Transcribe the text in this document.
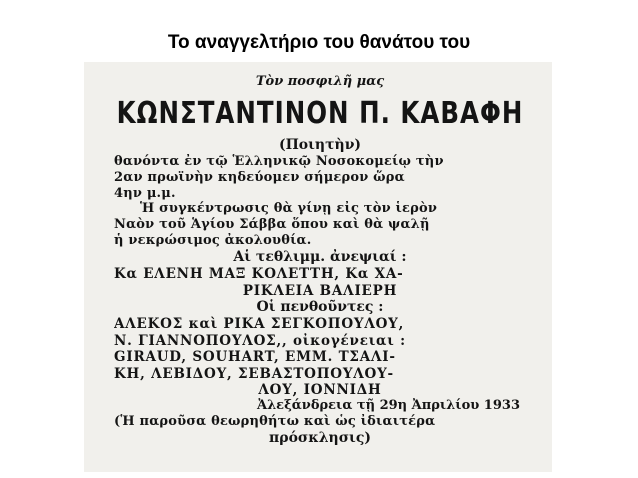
Το αναγγελτήριο του θανάτου του
Τὸν ποσφιλῆ μας
ΚΩΝΣΤΑΝΤΙΝΟΝ Π. ΚΑΒΑΦΗ
(Ποιητὴν)
θανόντα ἐν τῷ Ἑλληνικῷ Νοσοκομείῳ τὴν
2αν πρωϊνὴν κηδεύομεν σήμερον ὥρα
4ην μ.μ.
Ἡ συγκέντρωσις θὰ γίνῃ εἰς τὸν ἱερὸν
Ναὸν τοῦ Ἁγίου Σάββα ὅπου καὶ θὰ ψαλῇ
ἡ νεκρώσιμος ἀκολουθία.
Αἱ τεθλιμμ. ἀνεψιαί :
Κα ΕΛΕΝΗ ΜΑΞ ΚΟΛΕΤΤΗ, Κα ΧΑ-
ΡΙΚΛΕΙΑ ΒΑΛΙΕΡΗ
Οἱ πενθοῦντες :
ΑΛΕΚΟΣ καὶ ΡΙΚΑ ΣΕΓΚΟΠΟΥΛΟΥ,
Ν. ΓΙΑΝΝΟΠΟΥΛΟΣ,, οἰκογένειαι :
GIRAUD, SOUHART, EMM. ΤΣΑΛΙ-
ΚΗ, ΛΕΒΙΔΟΥ, ΣΕΒΑΣΤΟΠΟΥΛΟΥ-
ΛΟΥ, ΙΟΝΝΙΔΗ
Ἀλεξάνδρεια τῇ 29η Ἀπριλίου 1933
(Ἡ παροῦσα θεωρηθήτω καὶ ὡς ἰδιαιτέρα
πρόσκλησις)
